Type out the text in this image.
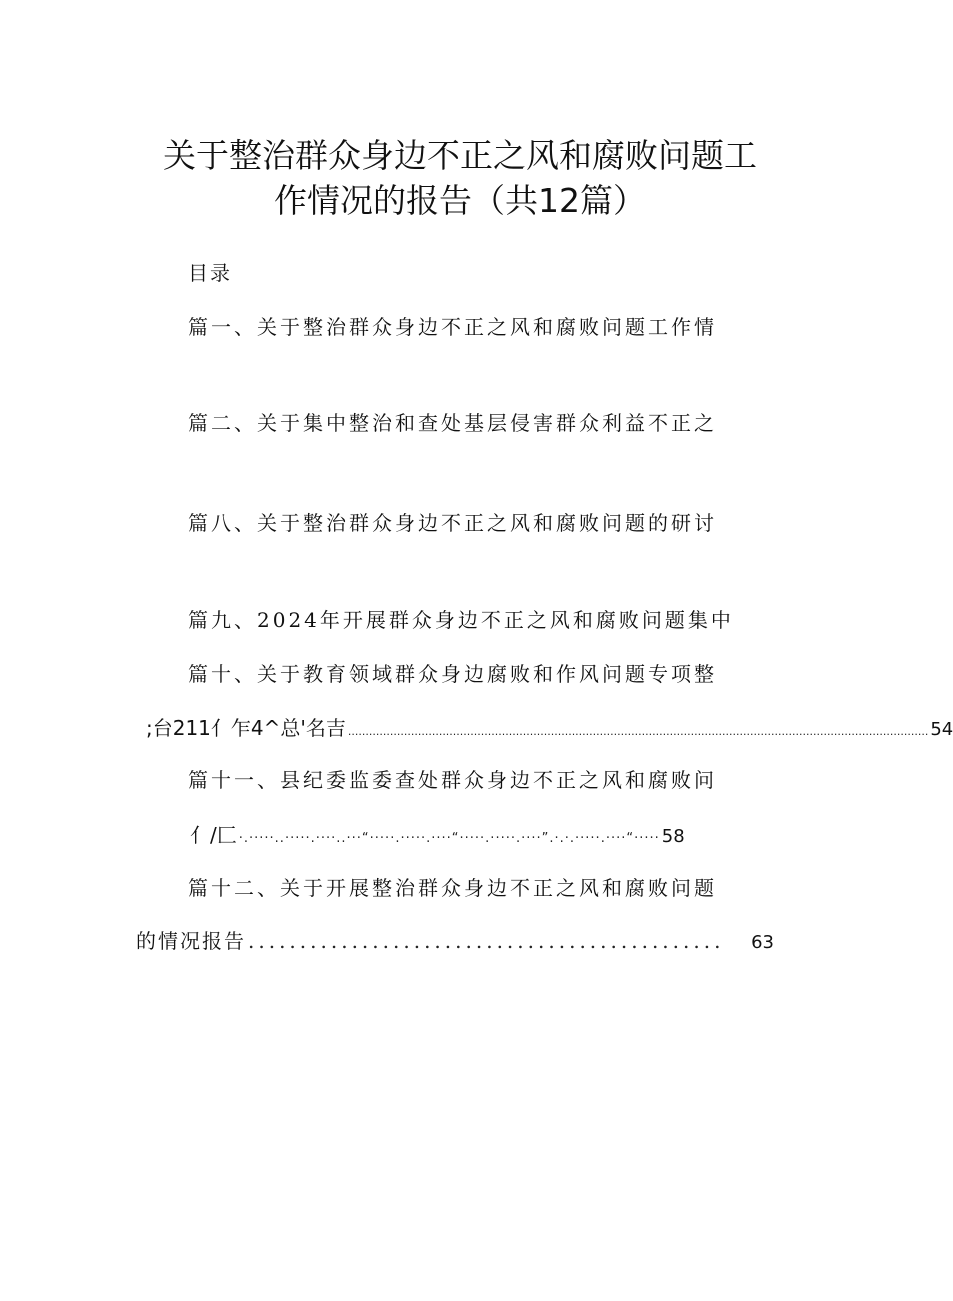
关于整治群众身边不正之风和腐败问题工
作情况的报告（共12篇）
目录
篇一、关于整治群众身边不正之风和腐败问题工作情
篇二、关于集中整治和查处基层侵害群众利益不正之
篇八、关于整治群众身边不正之风和腐败问题的研讨
篇九、2024年开展群众身边不正之风和腐败问题集中
篇十、关于教育领域群众身边腐败和作风问题专项整
;台211亻乍4^总'名吉 ...................................................................................................................................................................... 54
篇十一、县纪委监委查处群众身边不正之风和腐败问
亻/匚 ·.·····..·····.····..···“·····.·····.····“·····.·····.····”.·.·.·····.····“····· 58
篇十二、关于开展整治群众身边不正之风和腐败问题
的情况报告 ..............................................	63
